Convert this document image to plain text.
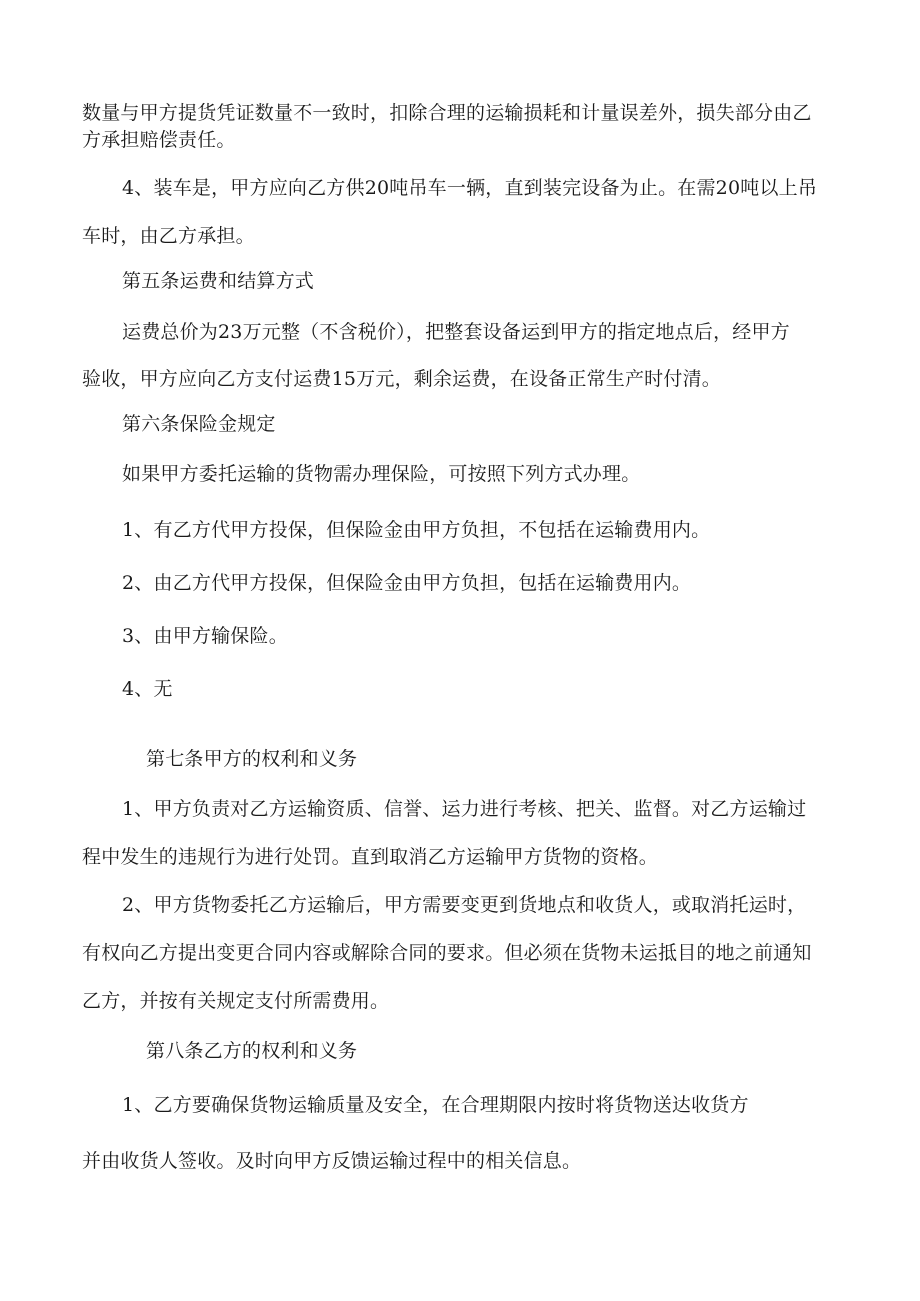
数量与甲方提货凭证数量不一致时，扣除合理的运输损耗和计量误差外，损失部分由乙
方承担赔偿责任。
4、装车是，甲方应向乙方供20吨吊车一辆，直到装完设备为止。在需20吨以上吊
车时，由乙方承担。
第五条运费和结算方式
运费总价为23万元整（不含税价），把整套设备运到甲方的指定地点后，经甲方
验收，甲方应向乙方支付运费15万元，剩余运费，在设备正常生产时付清。
第六条保险金规定
如果甲方委托运输的货物需办理保险，可按照下列方式办理。
1、有乙方代甲方投保，但保险金由甲方负担，不包括在运输费用内。
2、由乙方代甲方投保，但保险金由甲方负担，包括在运输费用内。
3、由甲方输保险。
4、无
第七条甲方的权利和义务
1、甲方负责对乙方运输资质、信誉、运力进行考核、把关、监督。对乙方运输过
程中发生的违规行为进行处罚。直到取消乙方运输甲方货物的资格。
2、甲方货物委托乙方运输后，甲方需要变更到货地点和收货人，或取消托运时，
有权向乙方提出变更合同内容或解除合同的要求。但必须在货物未运抵目的地之前通知
乙方，并按有关规定支付所需费用。
第八条乙方的权利和义务
1、乙方要确保货物运输质量及安全，在合理期限内按时将货物送达收货方
并由收货人签收。及时向甲方反馈运输过程中的相关信息。
